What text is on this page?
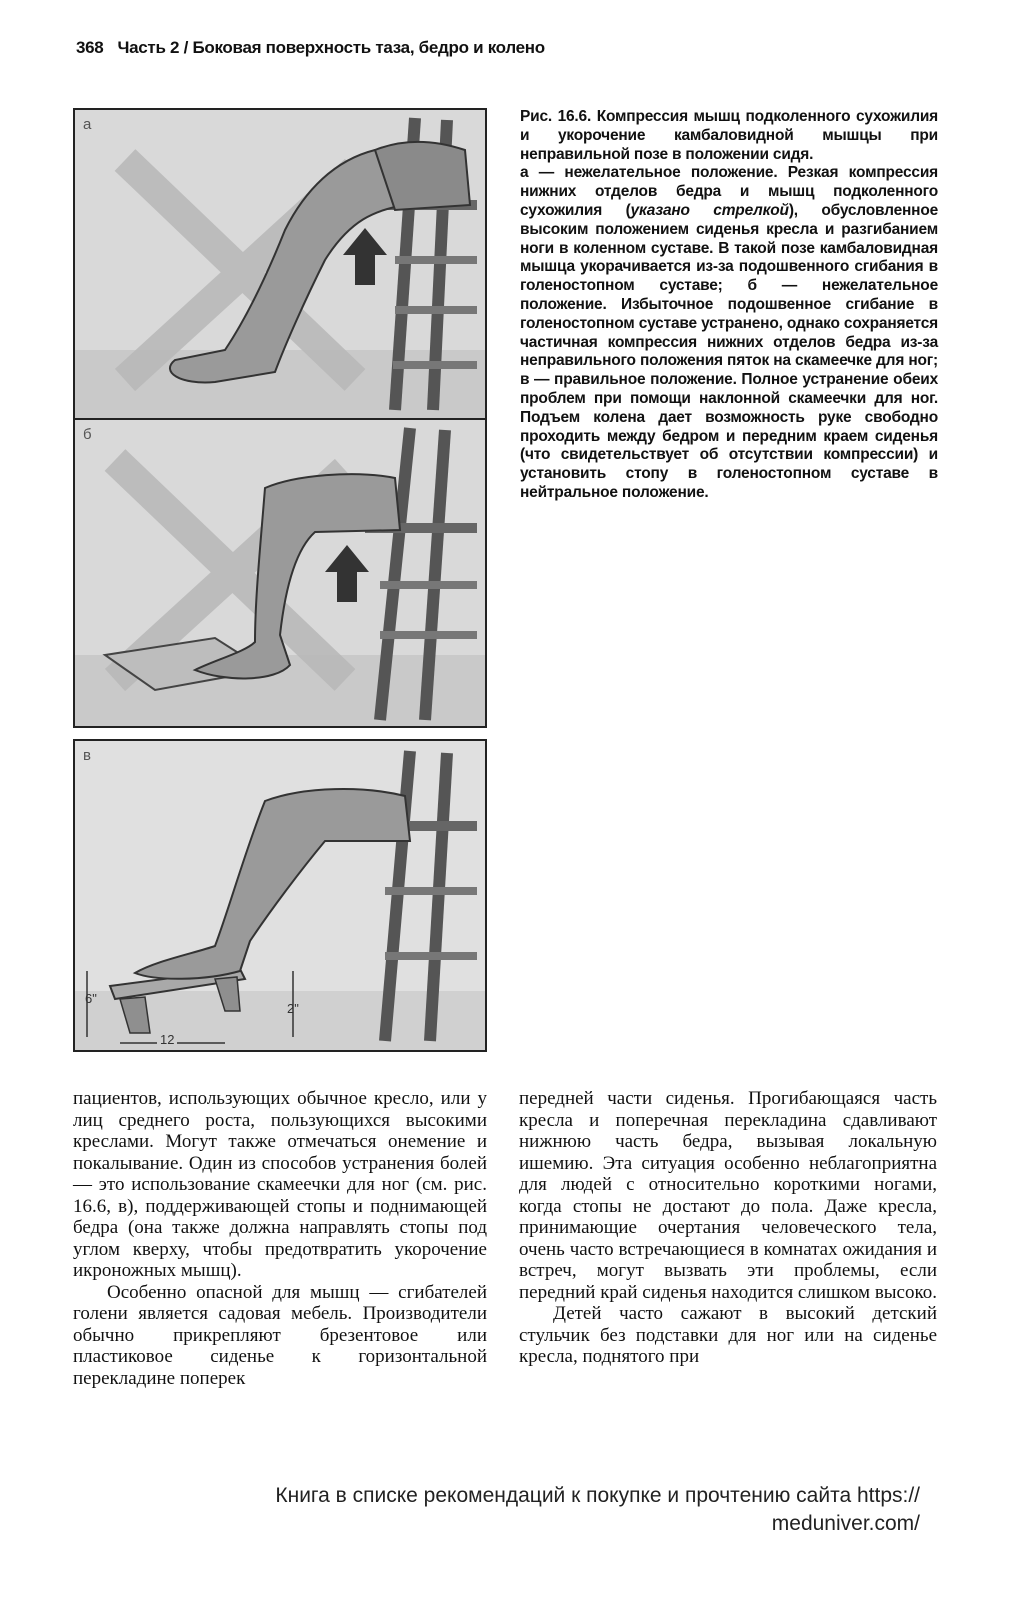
368 Часть 2 / Боковая поверхность таза, бедро и колено
а
б
в
6"
2"
12

Рис. 16.6. Компрессия мышц подколенного сухожилия и укорочение камбаловидной мышцы при неправильной позе в положении сидя.

а — нежелательное положение. Резкая компрессия нижних отделов бедра и мышц подколенного сухожилия (указано стрелкой), обусловленное высоким положением сиденья кресла и разгибанием ноги в коленном суставе. В такой позе камбаловидная мышца укорачивается из-за подошвенного сгибания в голеностопном суставе; б — нежелательное положение. Избыточное подошвенное сгибание в голеностопном суставе устранено, однако сохраняется частичная компрессия нижних отделов бедра из-за неправильного положения пяток на скамеечке для ног; в — правильное положение. Полное устранение обеих проблем при помощи наклонной скамеечки для ног. Подъем колена дает возможность руке свободно проходить между бедром и передним краем сиденья (что свидетельствует об отсутствии компрессии) и установить стопу в голеностопном суставе в нейтральное положение.

пациентов, использующих обычное кресло, или у лиц среднего роста, пользующихся высокими креслами. Могут также отмечаться онемение и покалывание. Один из способов устранения болей — это использование скамеечки для ног (см. рис. 16.6, в), поддерживающей стопы и поднимающей бедра (она также должна направлять стопы под углом кверху, чтобы предотвратить укорочение икроножных мышц).

Особенно опасной для мышц — сгибателей голени является садовая мебель. Производители обычно прикрепляют брезентовое или пластиковое сиденье к горизонтальной перекладине поперек

передней части сиденья. Прогибающаяся часть кресла и поперечная перекладина сдавливают нижнюю часть бедра, вызывая локальную ишемию. Эта ситуация особенно неблагоприятна для людей с относительно короткими ногами, когда стопы не достают до пола. Даже кресла, принимающие очертания человеческого тела, очень часто встречающиеся в комнатах ожидания и встреч, могут вызвать эти проблемы, если передний край сиденья находится слишком высоко.

Детей часто сажают в высокий детский стульчик без подставки для ног или на сиденье кресла, поднятого при

Книга в списке рекомендаций к покупке и прочтению сайта https://
meduniver.com/
